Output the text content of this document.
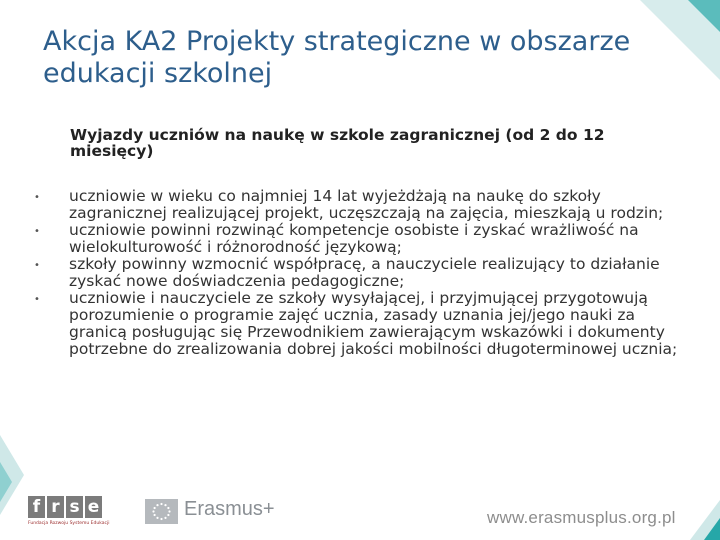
Akcja KA2 Projekty strategiczne w obszarze edukacji szkolnej

Wyjazdy uczniów na naukę w szkole zagranicznej (od 2 do 12 miesięcy)

•	uczniowie w wieku co najmniej 14 lat wyjeżdżają na naukę do szkoły zagranicznej realizującej projekt, uczęszczają na zajęcia, mieszkają u rodzin;
•	uczniowie powinni rozwinąć kompetencje osobiste i zyskać wrażliwość na wielokulturowość i różnorodność językową;
•	szkoły powinny wzmocnić współpracę, a nauczyciele realizujący to działanie zyskać nowe doświadczenia pedagogiczne;
•	uczniowie i nauczyciele ze szkoły wysyłającej, i przyjmującej przygotowują porozumienie o programie zajęć ucznia, zasady uznania jej/jego nauki za granicą posługując się Przewodnikiem zawierającym wskazówki i dokumenty potrzebne do zrealizowania dobrej jakości mobilności długoterminowej ucznia;
f r s e
Fundacja Rozwoju Systemu Edukacji
Erasmus+	www.erasmusplus.org.pl
